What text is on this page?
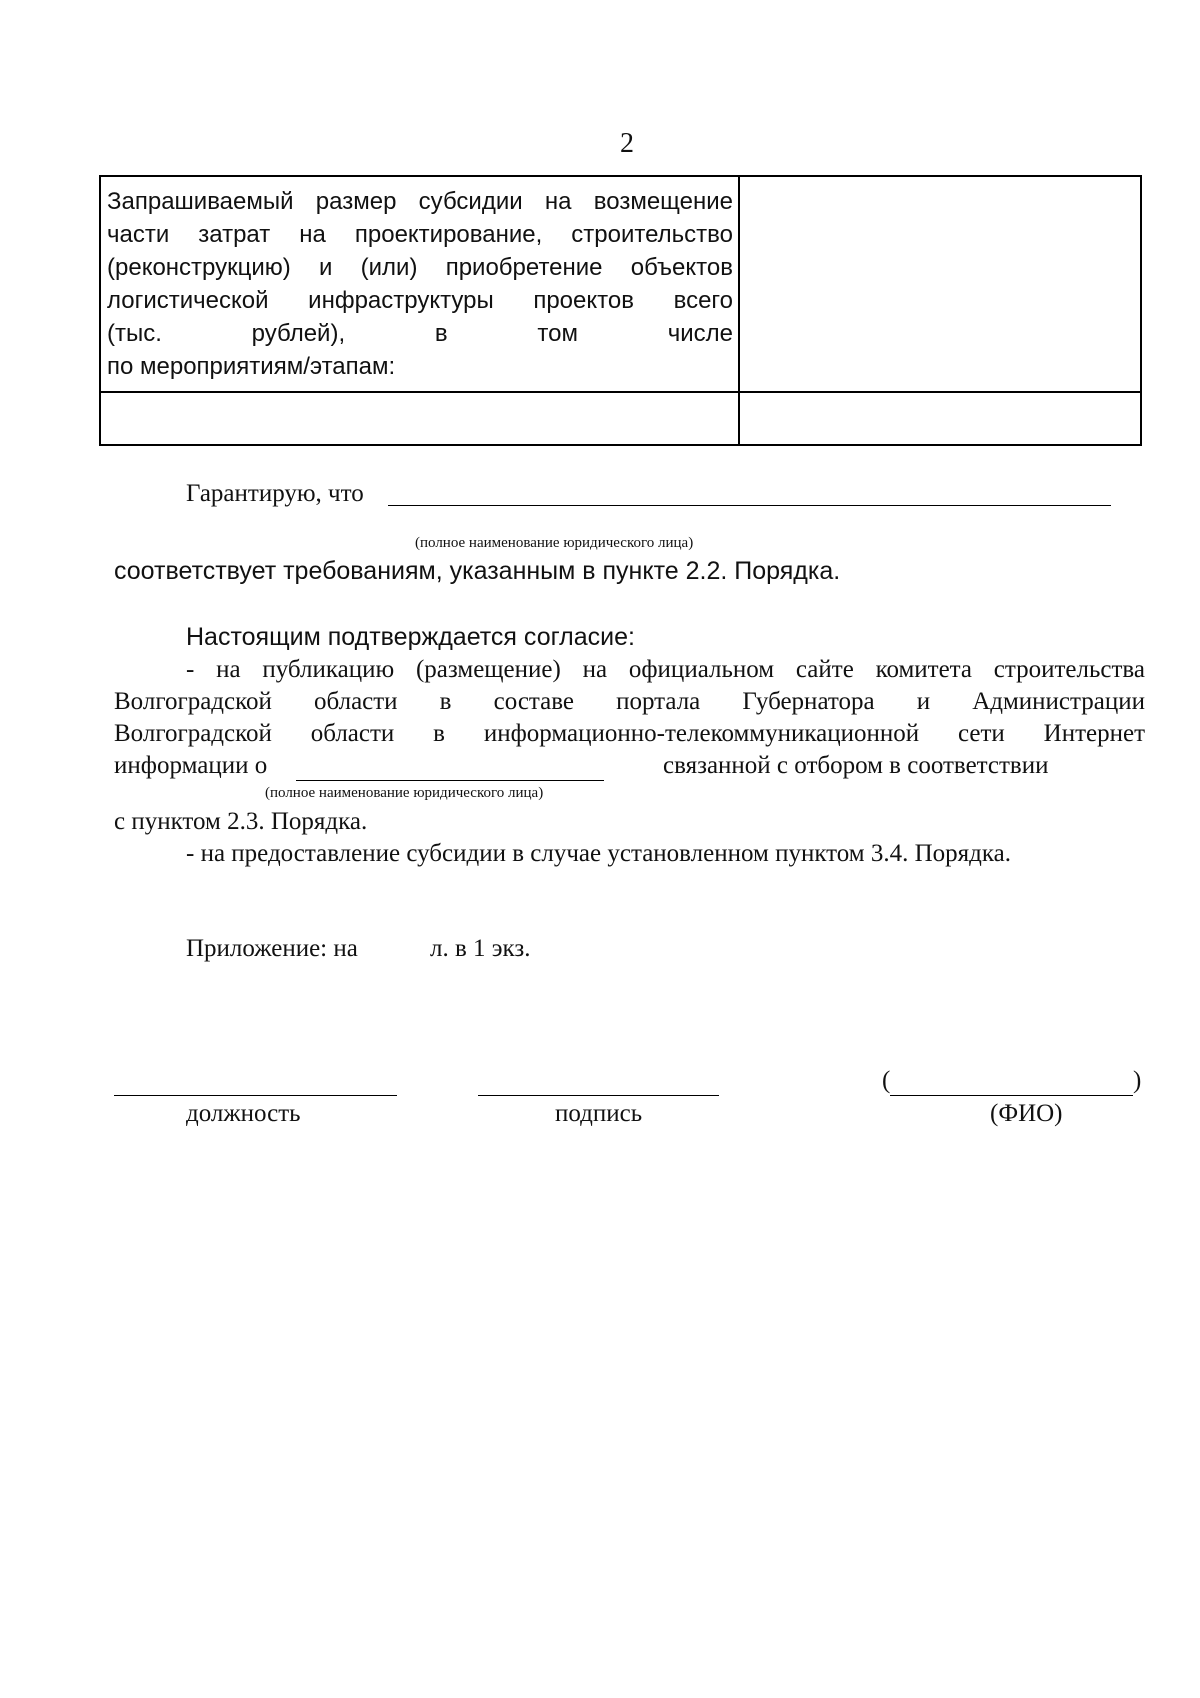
2
Запрашиваемый размер субсидии на возмещение
части затрат на проектирование, строительство
(реконструкцию) и (или) приобретение объектов
логистической инфраструктуры проектов всего
(тыс. рублей), в том числе
по мероприятиям/этапам:
Гарантирую, что
(полное наименование юридического лица)
соответствует требованиям, указанным в пункте 2.2. Порядка.
Настоящим подтверждается согласие:
- на публикацию (размещение) на официальном сайте комитета строительства
Волгоградской области в составе портала Губернатора и Администрации
Волгоградской области в информационно-телекоммуникационной сети Интернет
информации о	связанной с отбором в соответствии
(полное наименование юридического лица)
с пунктом 2.3. Порядка.
- на предоставление субсидии в случае установленном пунктом 3.4. Порядка.
Приложение: на	л. в 1 экз.
должность	подпись
(	)
(ФИО)
